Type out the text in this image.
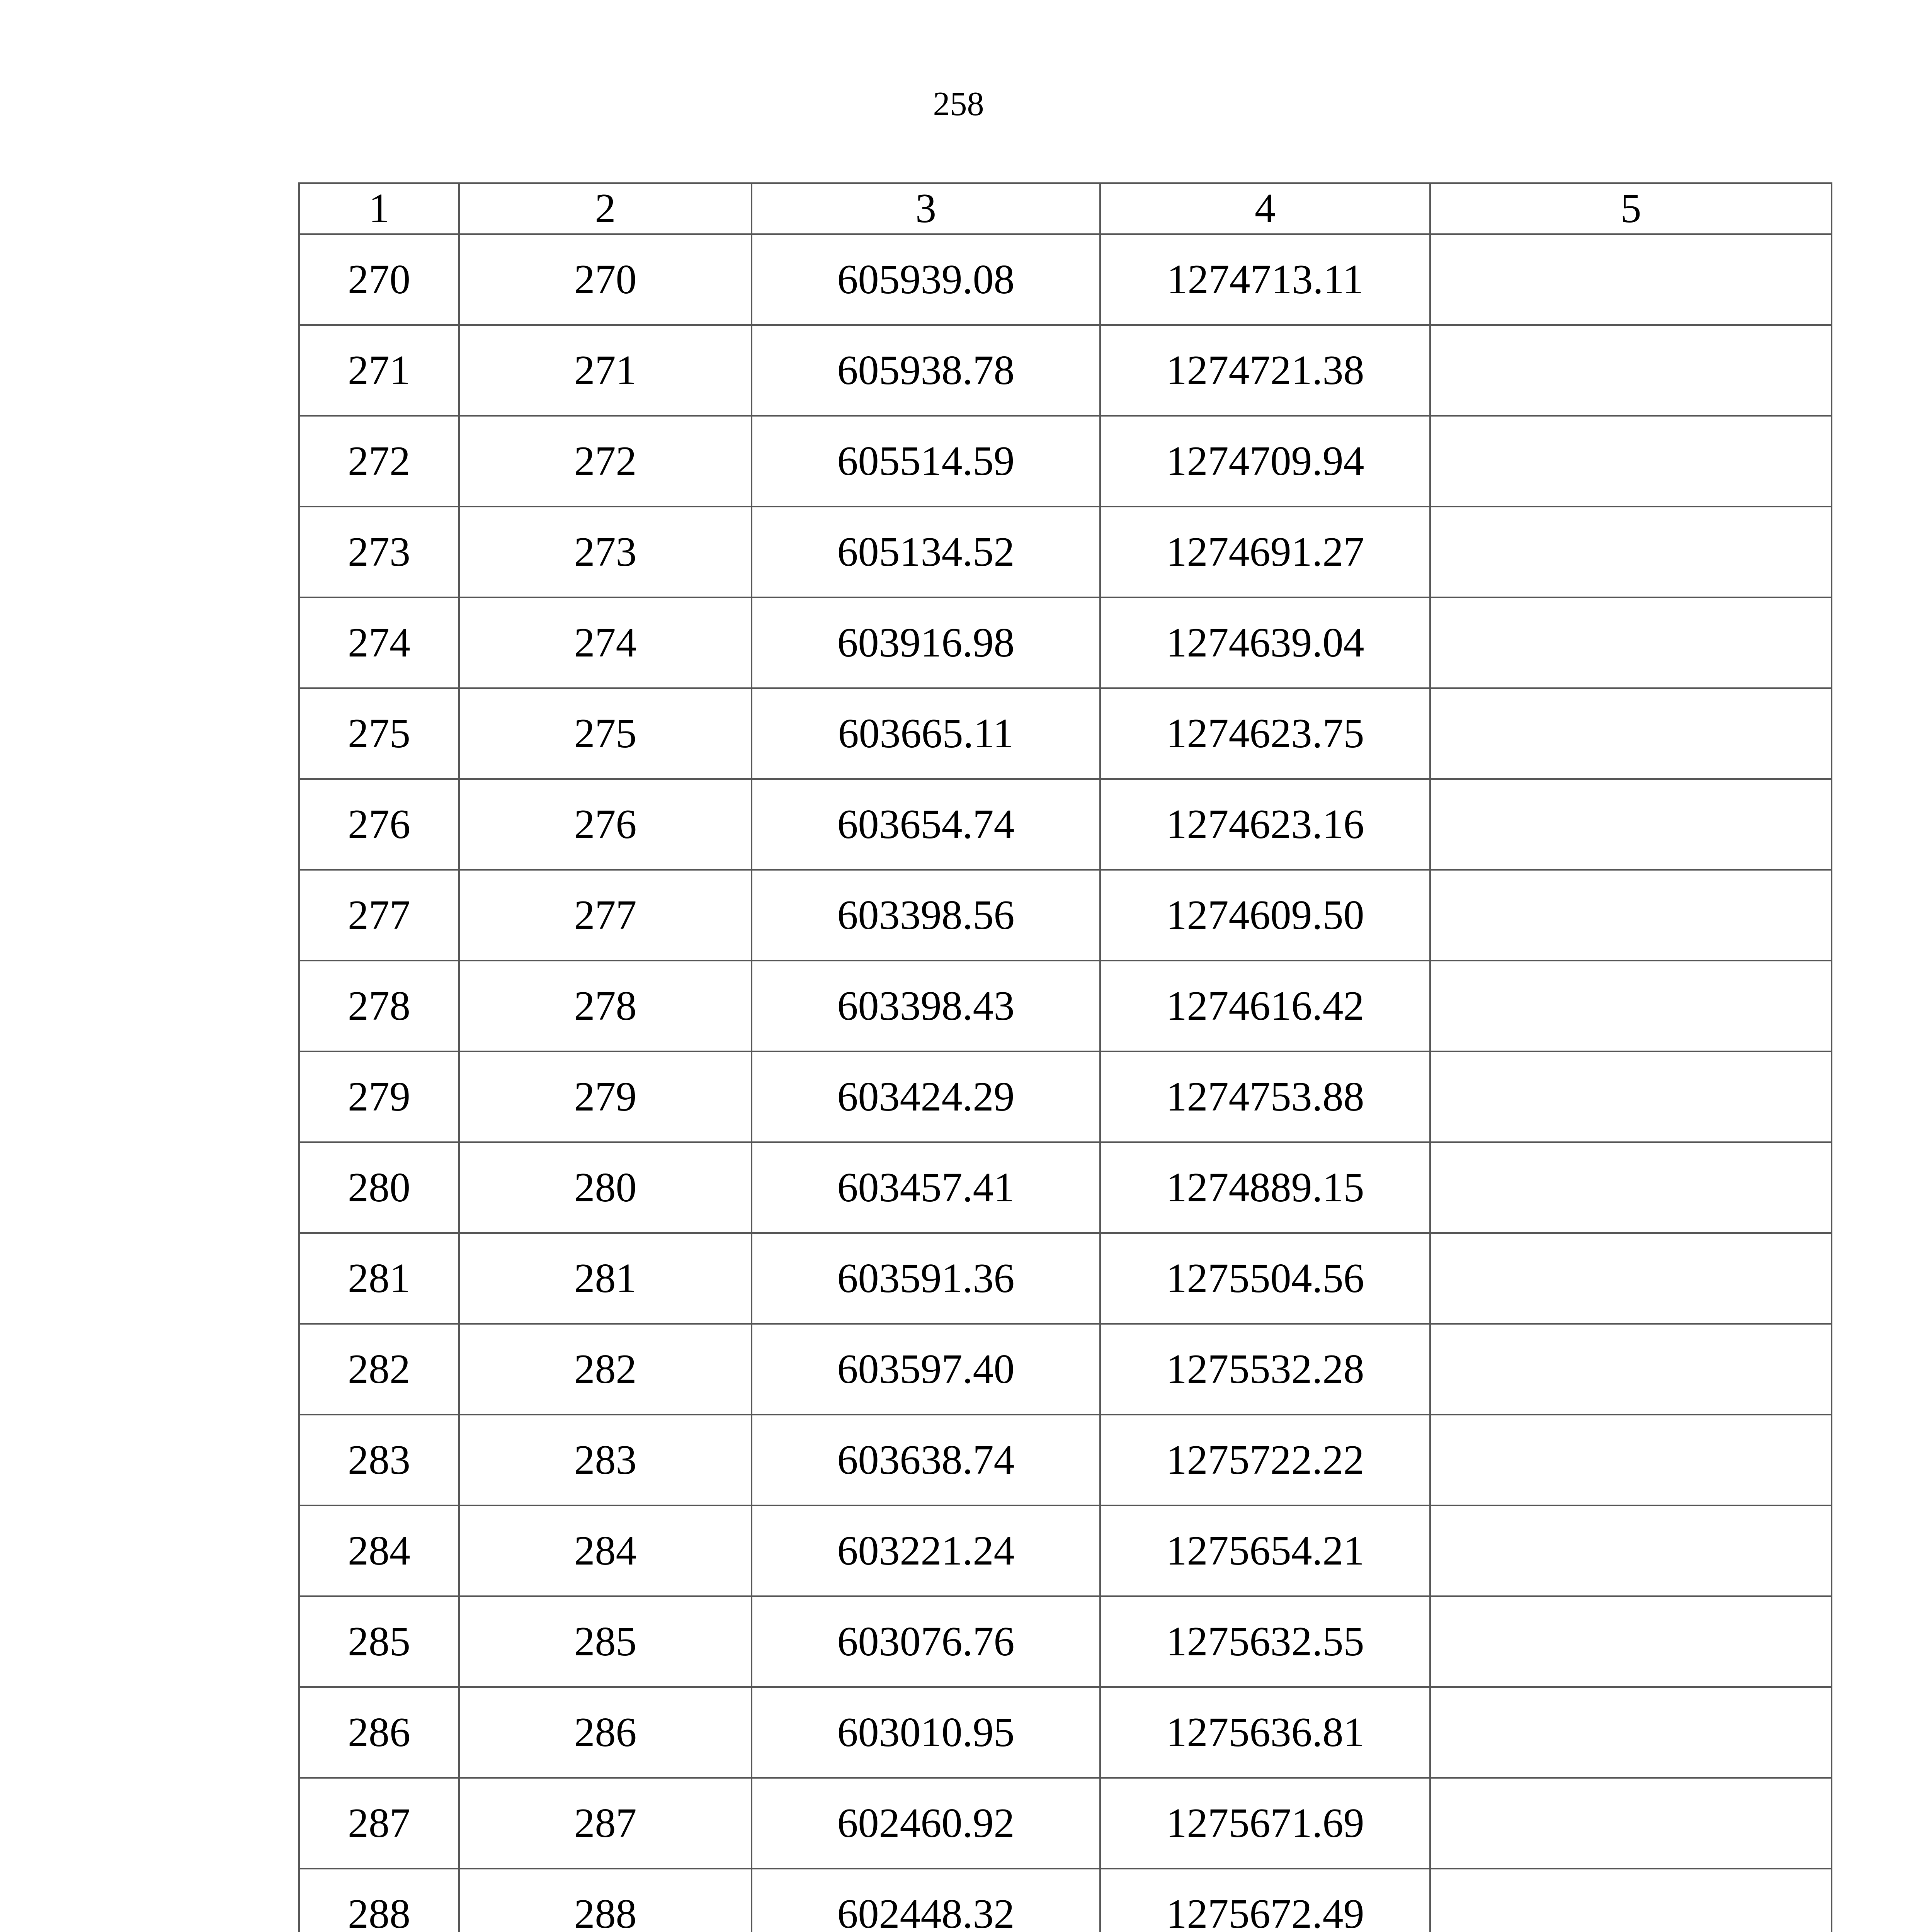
258
1	2	3	4	5
270	270	605939.08	1274713.11	
271	271	605938.78	1274721.38	
272	272	605514.59	1274709.94	
273	273	605134.52	1274691.27	
274	274	603916.98	1274639.04	
275	275	603665.11	1274623.75	
276	276	603654.74	1274623.16	
277	277	603398.56	1274609.50	
278	278	603398.43	1274616.42	
279	279	603424.29	1274753.88	
280	280	603457.41	1274889.15	
281	281	603591.36	1275504.56	
282	282	603597.40	1275532.28	
283	283	603638.74	1275722.22	
284	284	603221.24	1275654.21	
285	285	603076.76	1275632.55	
286	286	603010.95	1275636.81	
287	287	602460.92	1275671.69	
288	288	602448.32	1275672.49	
